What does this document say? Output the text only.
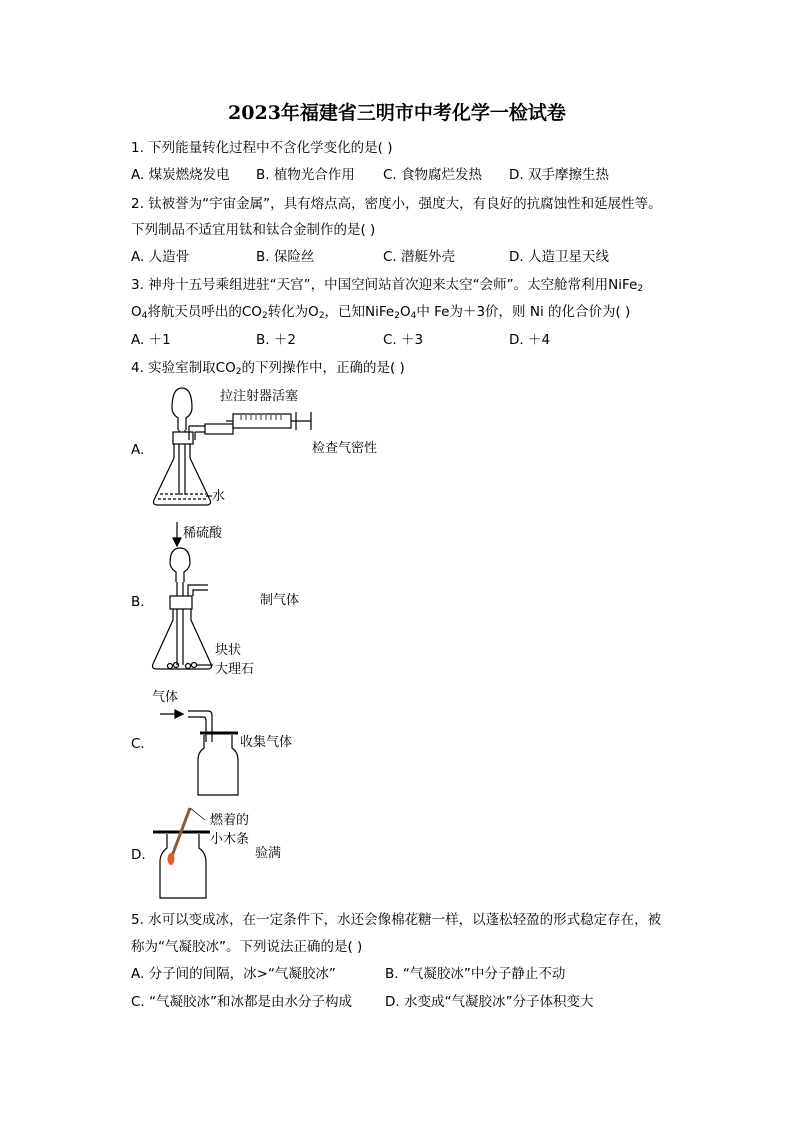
2023年福建省三明市中考化学一检试卷
1. 下列能量转化过程中不含化学变化的是( )
A. 煤炭燃烧发电 B. 植物光合作用 C. 食物腐烂发热 D. 双手摩擦生热
2. 钛被誉为“宇宙金属”，具有熔点高，密度小，强度大，有良好的抗腐蚀性和延展性等。
下列制品不适宜用钛和钛合金制作的是( )
A. 人造骨	B. 保险丝	C. 潜艇外壳	D. 人造卫星天线
3. 神舟十五号乘组进驻“天宫”，中国空间站首次迎来太空“会师”。太空舱常利用NiFe$_2$
$O_4$将航天员呼出的$CO_2$转化为$O_2$，已知$NiFe_2O_4$中 Fe为＋3价，则 Ni 的化合价为( )
A. ＋1	B. ＋2	C. ＋3	D. ＋4
4. 实验室制取$CO_2$的下列操作中，正确的是( )
A.	检查气密性
拉注射器活塞
水
B.	制气体
稀硫酸
块状
大理石
C.	收集气体
气体
D.	验满
燃着的
小木条
5. 水可以变成冰，在一定条件下，水还会像棉花糖一样，以蓬松轻盈的形式稳定存在，被
称为“气凝胶冰”。下列说法正确的是( )
A. 分子间的间隔，冰>“气凝胶冰”	B. “气凝胶冰”中分子静止不动
C. “气凝胶冰”和冰都是由水分子构成 D. 水变成“气凝胶冰”分子体积变大
